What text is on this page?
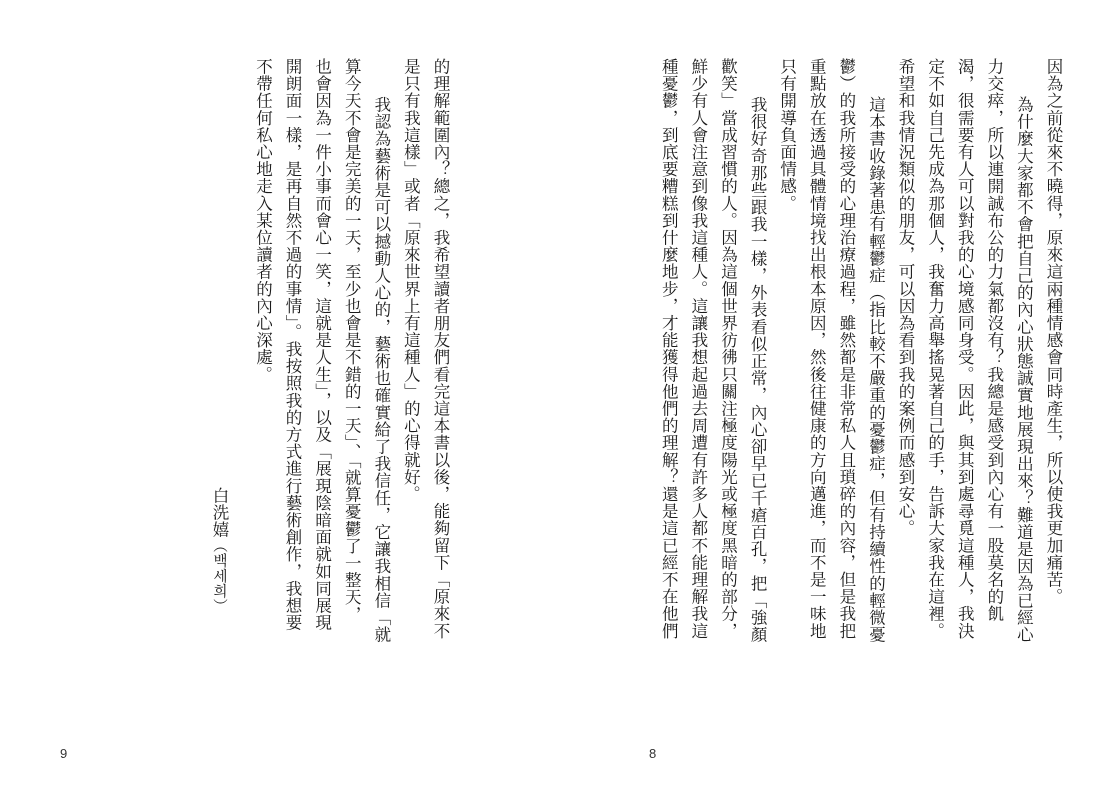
的理解範圍內？總之，我希望讀者朋友們看完這本書以後，能夠留下「原來不
是只有我這樣」或者「原來世界上有這種人」的心得就好。
我認為藝術是可以撼動人心的，藝術也確實給了我信任，它讓我相信「就
算今天不會是完美的一天，至少也會是不錯的一天」、「就算憂鬱了一整天，
也會因為一件小事而會心一笑，這就是人生」，以及「展現陰暗面就如同展現
開朗面一樣，是再自然不過的事情」。我按照我的方式進行藝術創作，我想要
不帶任何私心地走入某位讀者的內心深處。
白洗嬉（백세희）
9
因為之前從來不曉得，原來這兩種情感會同時產生，所以使我更加痛苦。
為什麼大家都不會把自己的內心狀態誠實地展現出來？難道是因為已經心
力交瘁，所以連開誠布公的力氣都沒有？我總是感受到內心有一股莫名的飢
渴，很需要有人可以對我的心境感同身受。因此，與其到處尋覓這種人，我決
定不如自己先成為那個人，我奮力高舉搖晃著自己的手，告訴大家我在這裡。
希望和我情況類似的朋友，可以因為看到我的案例而感到安心。
這本書收錄著患有輕鬱症（指比較不嚴重的憂鬱症，但有持續性的輕微憂
鬱）的我所接受的心理治療過程，雖然都是非常私人且瑣碎的內容，但是我把
重點放在透過具體情境找出根本原因，然後往健康的方向邁進，而不是一味地
只有開導負面情感。
我很好奇那些跟我一樣，外表看似正常，內心卻早已千瘡百孔，把「強顏
歡笑」當成習慣的人。因為這個世界彷彿只關注極度陽光或極度黑暗的部分，
鮮少有人會注意到像我這種人。這讓我想起過去周遭有許多人都不能理解我這
種憂鬱，到底要糟糕到什麼地步，才能獲得他們的理解？還是這已經不在他們
8
